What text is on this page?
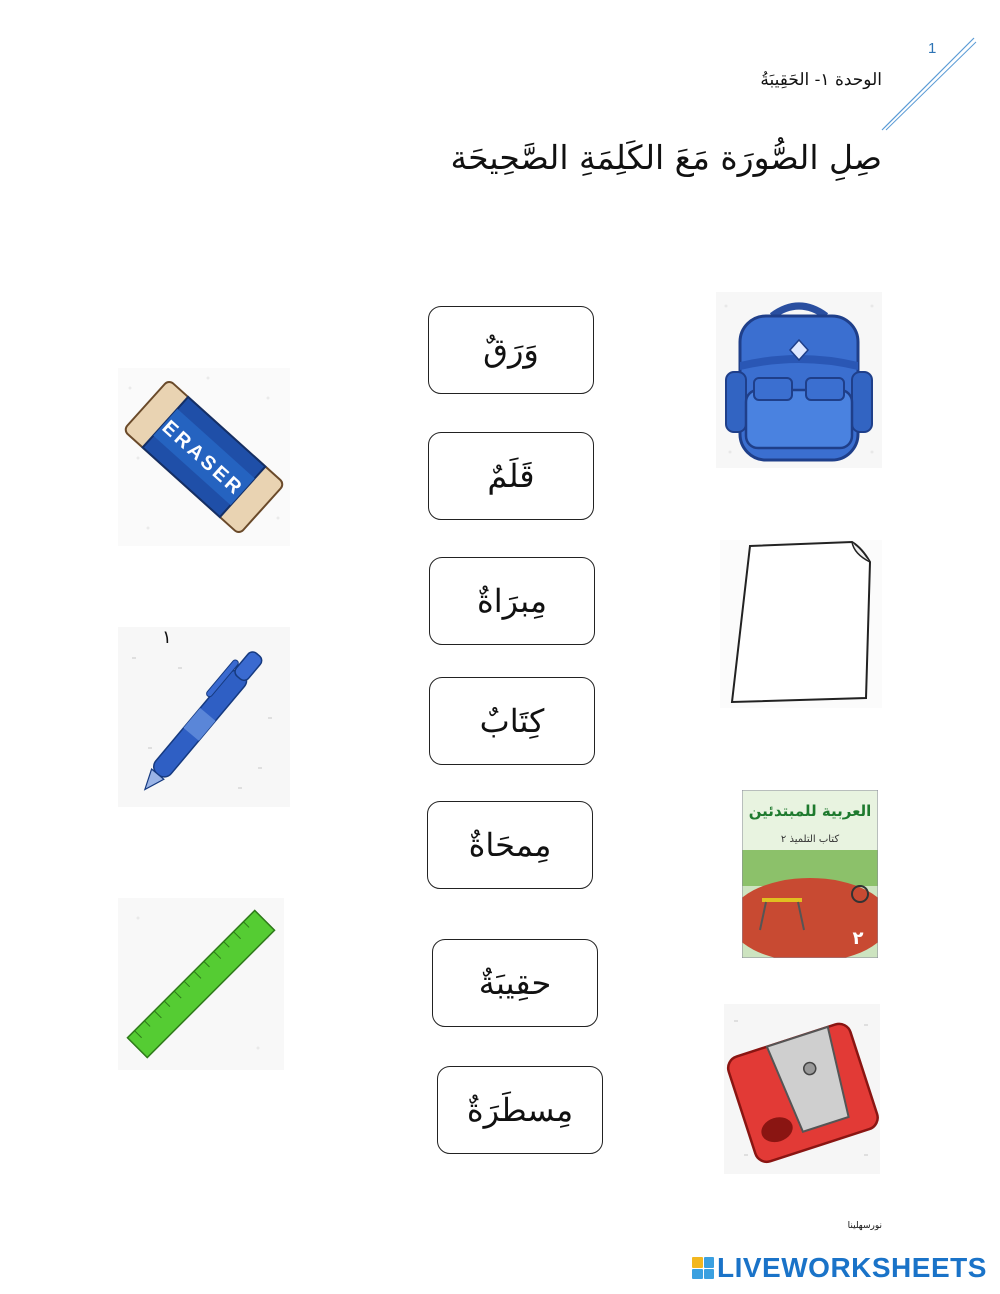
1
الوحدة ١- الحَقِيبَةُ
صِلِ الصُّورَة مَعَ الكَلِمَةِ الصَّحِيحَة
وَرَقٌ
قَلَمٌ
مِبرَاةٌ
كِتَابٌ
مِمحَاةٌ
حقِيبَةٌ
مِسطَرَةٌ
ERASER
١
العربية للمبتدئين
كتاب التلميذ ٢
٢
نورسهلينا
LIVEWORKSHEETS
